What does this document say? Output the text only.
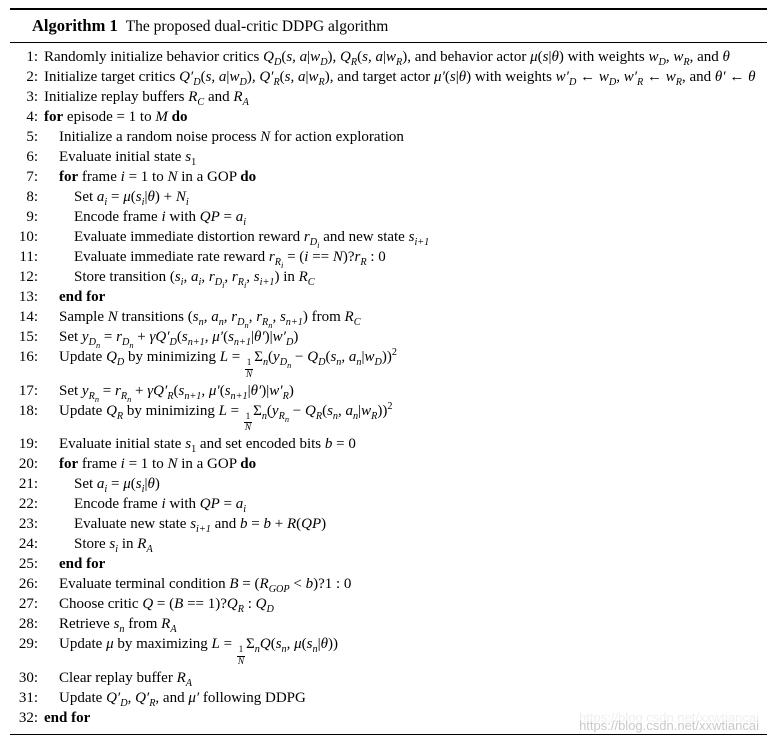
Algorithm 1 The proposed dual-critic DDPG algorithm
1: Randomly initialize behavior critics $Q_D(s$, $a|w_D$), $Q_R(s$, $a|w_R$), and behavior actor μ(s|θ) with weights $w_D$, $w_R$, and θ
2: Initialize target critics $Q'_D(s$, $a|w_D$), $Q'_R(s$, $a|w_R$), and target actor μ′(s|θ) with weights $w'_D$ ← $w_D$, $w'_R$ ← $w_R$, and θ′ ← θ
3: Initialize replay buffers $R_C$ and $R_A$
4: for episode = 1 to M do
5: Initialize a random noise process N for action exploration
6: Evaluate initial state $s_1$
7: for frame i = 1 to N in a GOP do
8: Set $a_i = \mu(s_i|\theta) + N_i$
9: Encode frame i with QP = $a_i$
10: Evaluate immediate distortion reward $r_{D_i}$ and new state $s_{i+1}$
11: Evaluate immediate rate reward $r_{R_i} = (i$ == $N)?r_R$ : 0
12: Store transition ($s_i$, $a_i$, $r_{D_i}$, $r_{R_i}$, $s_{i+1}$) in $R_C$
13: end for
14: Sample N transitions ($s_n$, $a_n$, $r_{D_n}$, $r_{R_n}$, $s_{n+1}$) from $R_C$
15: Set $y_{D_n} = r_{D_n} + \gamma Q'_D(s_{n+1}$, $\mu'(s_{n+1}|\theta')|w'_D$)
16: Update $Q_D$ by minimizing L =
$\frac{1}{N}$
$\Sigma_n(y_{D_n} - Q_D(s_n$, $a_n|w_D))^2$
17: Set $y_{R_n} = r_{R_n} + \gamma Q'_R(s_{n+1}$, $\mu'(s_{n+1}|\theta')|w'_R$)
18: Update $Q_R$ by minimizing L =
$\frac{1}{N}$
$\Sigma_n(y_{R_n} - Q_R(s_n$, $a_n|w_R))^2$
19: Evaluate initial state $s_1$ and set encoded bits b = 0
20: for frame i = 1 to N in a GOP do
21: Set $a_i = \mu(s_i|\theta)$
22: Encode frame i with QP = $a_i$
23: Evaluate new state $s_{i+1}$ and b = b + R(QP)
24: Store $s_i$ in $R_A$
25: end for
26: Evaluate terminal condition $B = (R_{GOP}$ < b)?1 : 0
27: Choose critic $Q = (B == 1)?Q_R$ : $Q_D$
28: Retrieve $s_n$ from $R_A$
29: Update μ by maximizing L =
$\frac{1}{N}$
$\Sigma_nQ(s_n$, $\mu(s_n|\theta)$)
30: Clear replay buffer $R_A$
31: Update $Q'_D$, $Q'_R$, and μ′ following DDPG
32: end for	https://blog.csdn.net/xxwtiancai
